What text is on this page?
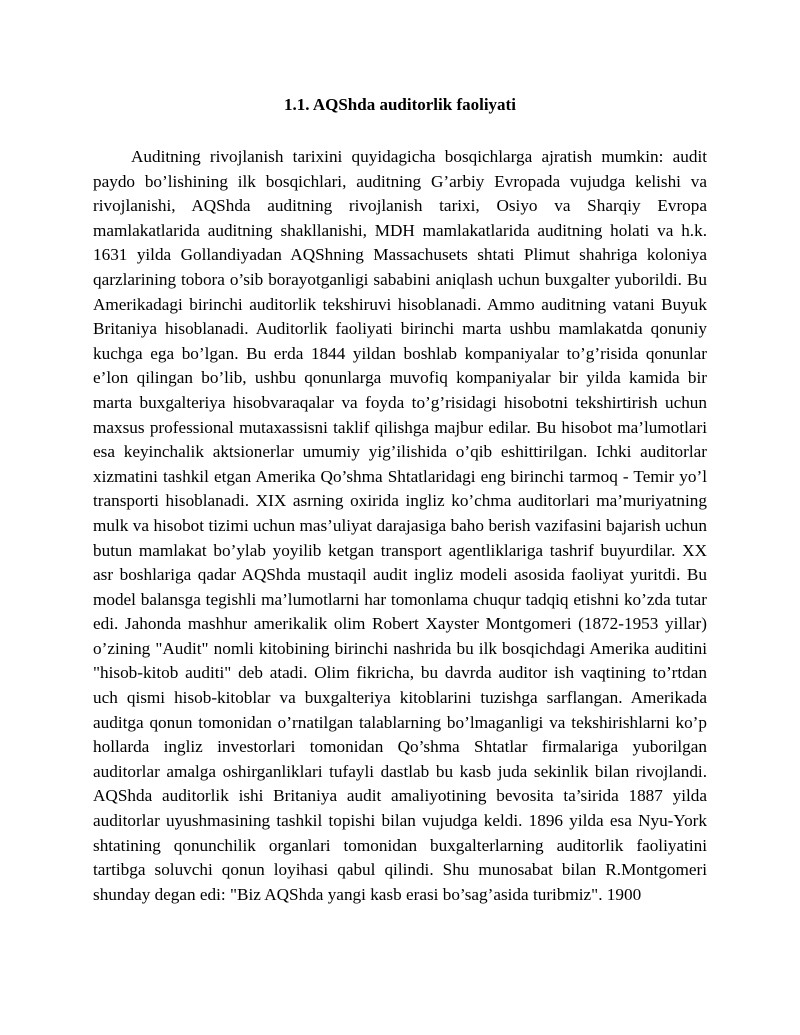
1.1. AQShda auditorlik faoliyati

Auditning rivojlanish tarixini quyidagicha bosqichlarga ajratish mumkin: audit paydo bo’lishining ilk bosqichlari, auditning G’arbiy Evropada vujudga kelishi va rivojlanishi, AQShda auditning rivojlanish tarixi, Osiyo va Sharqiy Evropa mamlakatlarida auditning shakllanishi, MDH mamlakatlarida auditning holati va h.k. 1631 yilda Gollandiyadan AQShning Massachusets shtati Plimut shahriga koloniya qarzlarining tobora o’sib borayotganligi sababini aniqlash uchun buxgalter yuborildi. Bu Amerikadagi birinchi auditorlik tekshiruvi hisoblanadi. Ammo auditning vatani Buyuk Britaniya hisoblanadi. Auditorlik faoliyati birinchi marta ushbu mamlakatda qonuniy kuchga ega bo’lgan. Bu erda 1844 yildan boshlab kompaniyalar to’g’risida qonunlar e’lon qilingan bo’lib, ushbu qonunlarga muvofiq kompaniyalar bir yilda kamida bir marta buxgalteriya hisobvaraqalar va foyda to’g’risidagi hisobotni tekshirtirish uchun maxsus professional mutaxassisni taklif qilishga majbur edilar. Bu hisobot ma’lumotlari esa keyinchalik aktsionerlar umumiy yig’ilishida o’qib eshittirilgan. Ichki auditorlar xizmatini tashkil etgan Amerika Qo’shma Shtatlaridagi eng birinchi tarmoq - Temir yo’l transporti hisoblanadi. XIX asrning oxirida ingliz ko’chma auditorlari ma’muriyatning mulk va hisobot tizimi uchun mas’uliyat darajasiga baho berish vazifasini bajarish uchun butun mamlakat bo’ylab yoyilib ketgan transport agentliklariga tashrif buyurdilar. XX asr boshlariga qadar AQShda mustaqil audit ingliz modeli asosida faoliyat yuritdi. Bu model balansga tegishli ma’lumotlarni har tomonlama chuqur tadqiq etishni ko’zda tutar edi. Jahonda mashhur amerikalik olim Robert Xayster Montgomeri (1872-1953 yillar) o’zining "Audit" nomli kitobining birinchi nashrida bu ilk bosqichdagi Amerika auditini "hisob-kitob auditi" deb atadi. Olim fikricha, bu davrda auditor ish vaqtining to’rtdan uch qismi hisob-kitoblar va buxgalteriya kitoblarini tuzishga sarflangan. Amerikada auditga qonun tomonidan o’rnatilgan talablarning bo’lmaganligi va tekshirishlarni ko’p hollarda ingliz investorlari tomonidan Qo’shma Shtatlar firmalariga yuborilgan auditorlar amalga oshirganliklari tufayli dastlab bu kasb juda sekinlik bilan rivojlandi. AQShda auditorlik ishi Britaniya audit amaliyotining bevosita ta’sirida 1887 yilda auditorlar uyushmasining tashkil topishi bilan vujudga keldi. 1896 yilda esa Nyu-York shtatining qonunchilik organlari tomonidan buxgalterlarning auditorlik faoliyatini tartibga soluvchi qonun loyihasi qabul qilindi. Shu munosabat bilan R.Montgomeri shunday degan edi: "Biz AQShda yangi kasb erasi bo’sag’asida turibmiz". 1900
